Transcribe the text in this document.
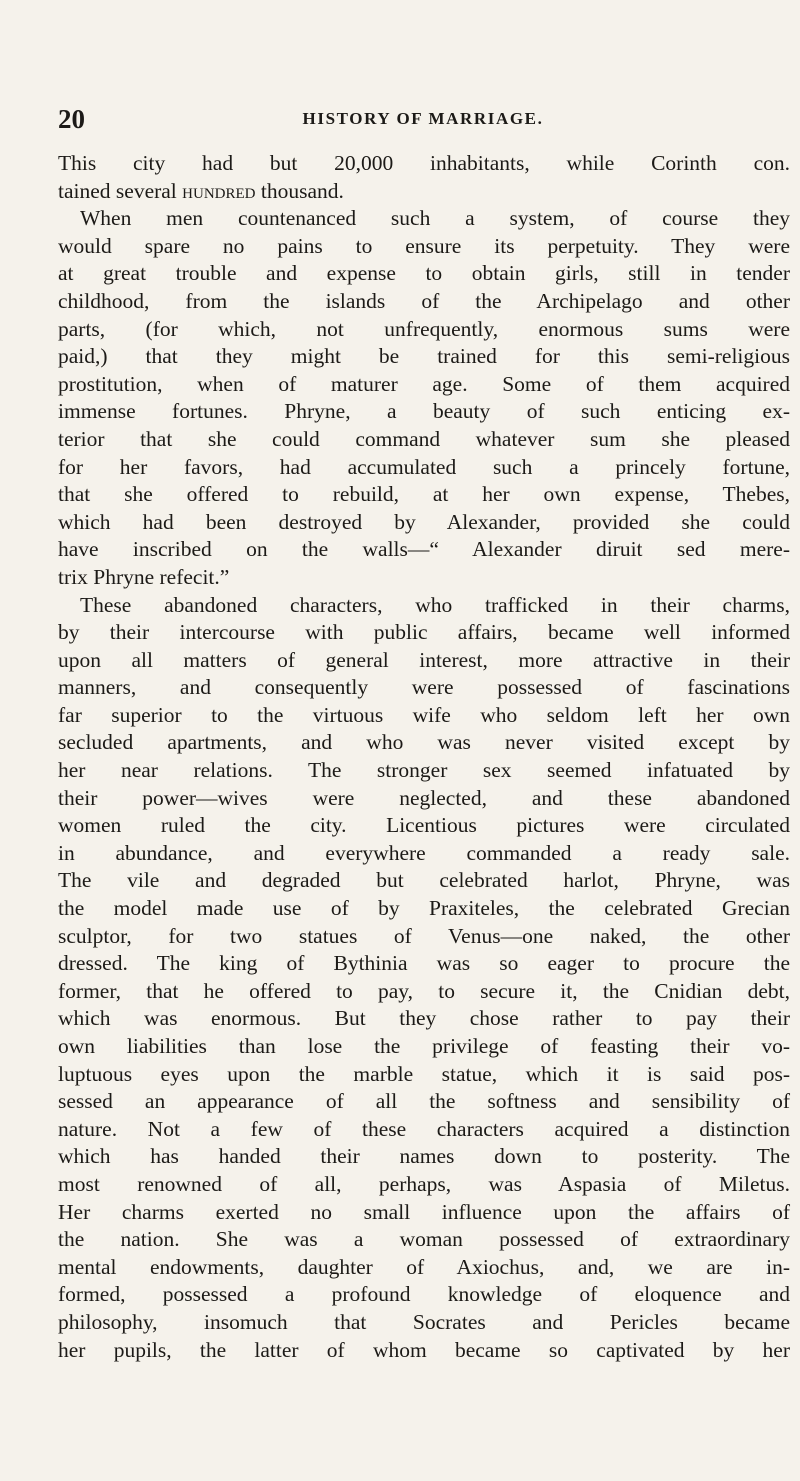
20	HISTORY OF MARRIAGE.
This city had but 20,000 inhabitants, while Corinth con.
tained several hundred thousand.
When men countenanced such a system, of course they
would spare no pains to ensure its perpetuity. They were
at great trouble and expense to obtain girls, still in tender
childhood, from the islands of the Archipelago and other
parts, (for which, not unfrequently, enormous sums were
paid,) that they might be trained for this semi-religious
prostitution, when of maturer age. Some of them acquired
immense fortunes. Phryne, a beauty of such enticing ex-
terior that she could command whatever sum she pleased
for her favors, had accumulated such a princely fortune,
that she offered to rebuild, at her own expense, Thebes,
which had been destroyed by Alexander, provided she could
have inscribed on the walls—“ Alexander diruit sed mere-
trix Phryne refecit.”
These abandoned characters, who trafficked in their charms,
by their intercourse with public affairs, became well informed
upon all matters of general interest, more attractive in their
manners, and consequently were possessed of fascinations
far superior to the virtuous wife who seldom left her own
secluded apartments, and who was never visited except by
her near relations. The stronger sex seemed infatuated by
their power—wives were neglected, and these abandoned
women ruled the city. Licentious pictures were circulated
in abundance, and everywhere commanded a ready sale.
The vile and degraded but celebrated harlot, Phryne, was
the model made use of by Praxiteles, the celebrated Grecian
sculptor, for two statues of Venus—one naked, the other
dressed. The king of Bythinia was so eager to procure the
former, that he offered to pay, to secure it, the Cnidian debt,
which was enormous. But they chose rather to pay their
own liabilities than lose the privilege of feasting their vo-
luptuous eyes upon the marble statue, which it is said pos-
sessed an appearance of all the softness and sensibility of
nature. Not a few of these characters acquired a distinction
which has handed their names down to posterity. The
most renowned of all, perhaps, was Aspasia of Miletus.
Her charms exerted no small influence upon the affairs of
the nation. She was a woman possessed of extraordinary
mental endowments, daughter of Axiochus, and, we are in-
formed, possessed a profound knowledge of eloquence and
philosophy, insomuch that Socrates and Pericles became
her pupils, the latter of whom became so captivated by her
